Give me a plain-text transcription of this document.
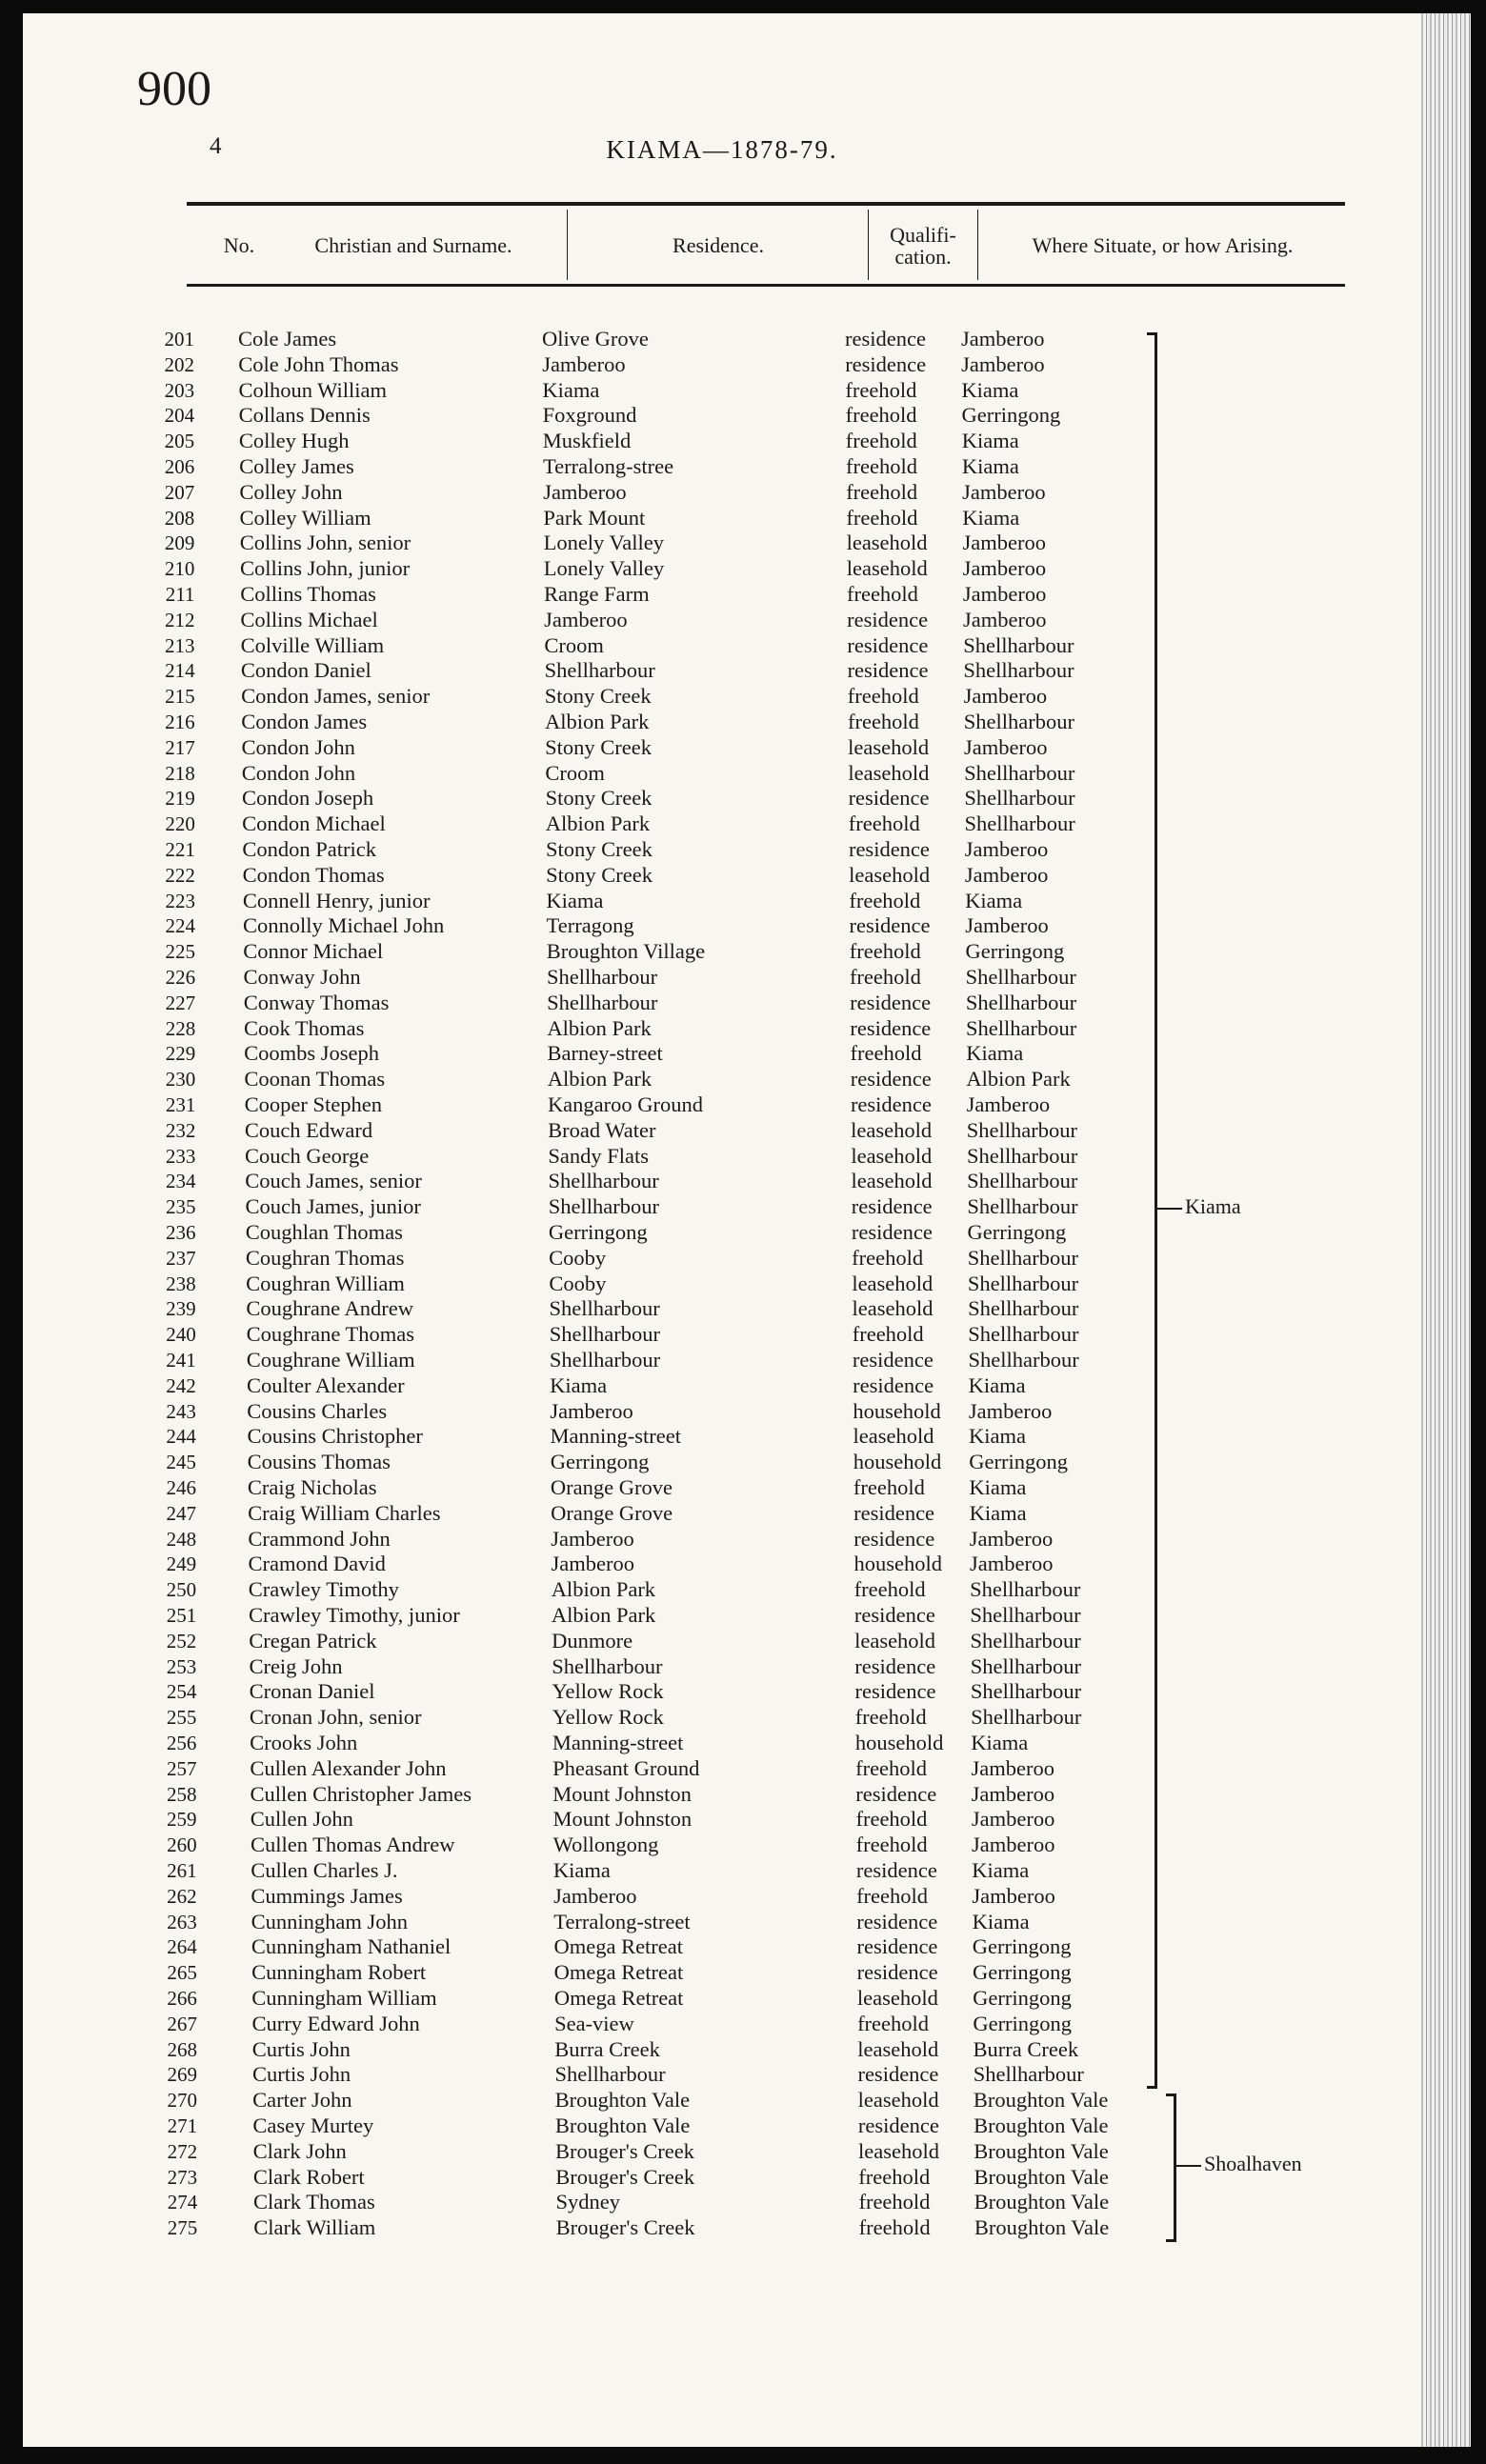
900
4	KIAMA—1878-79.
No.	Christian and Surname.	Residence.	Qualifi- cation.	Where Situate, or how Arising.
201 Cole James	Olive Grove	residence Jamberoo
202 Cole John Thomas	Jamberoo	residence Jamberoo
203 Colhoun William	Kiama	freehold Kiama
204 Collans Dennis	Foxground	freehold Gerringong
205 Colley Hugh	Muskfield	freehold Kiama
206 Colley James	Terralong-stree	freehold Kiama
207 Colley John	Jamberoo	freehold Jamberoo
208 Colley William	Park Mount	freehold Kiama
209 Collins John, senior	Lonely Valley	leasehold Jamberoo
210 Collins John, junior	Lonely Valley	leasehold Jamberoo
211 Collins Thomas	Range Farm	freehold Jamberoo
212 Collins Michael	Jamberoo	residence Jamberoo
213 Colville William	Croom	residence Shellharbour
214 Condon Daniel	Shellharbour	residence Shellharbour
215 Condon James, senior	Stony Creek	freehold Jamberoo
216 Condon James	Albion Park	freehold Shellharbour
217 Condon John	Stony Creek	leasehold Jamberoo
218 Condon John	Croom	leasehold Shellharbour
219 Condon Joseph	Stony Creek	residence Shellharbour
220 Condon Michael	Albion Park	freehold Shellharbour
221 Condon Patrick	Stony Creek	residence Jamberoo
222 Condon Thomas	Stony Creek	leasehold Jamberoo
223 Connell Henry, junior	Kiama	freehold Kiama
224 Connolly Michael John	Terragong	residence Jamberoo
225 Connor Michael	Broughton Village	freehold Gerringong
226 Conway John	Shellharbour	freehold Shellharbour
227 Conway Thomas	Shellharbour	residence Shellharbour
228 Cook Thomas	Albion Park	residence Shellharbour
229 Coombs Joseph	Barney-street	freehold Kiama
230 Coonan Thomas	Albion Park	residence Albion Park
231 Cooper Stephen	Kangaroo Ground	residence Jamberoo
232 Couch Edward	Broad Water	leasehold Shellharbour
233 Couch George	Sandy Flats	leasehold Shellharbour
234 Couch James, senior	Shellharbour	leasehold Shellharbour
235 Couch James, junior	Shellharbour	residence Shellharbour
236 Coughlan Thomas	Gerringong	residence Gerringong
237 Coughran Thomas	Cooby	freehold Shellharbour
238 Coughran William	Cooby	leasehold Shellharbour
239 Coughrane Andrew	Shellharbour	leasehold Shellharbour
240 Coughrane Thomas	Shellharbour	freehold Shellharbour
241 Coughrane William	Shellharbour	residence Shellharbour
242 Coulter Alexander	Kiama	residence Kiama
243 Cousins Charles	Jamberoo	household Jamberoo
244 Cousins Christopher	Manning-street	leasehold Kiama
245 Cousins Thomas	Gerringong	household Gerringong
246 Craig Nicholas	Orange Grove	freehold Kiama
247 Craig William Charles	Orange Grove	residence Kiama
248 Crammond John	Jamberoo	residence Jamberoo
249 Cramond David	Jamberoo	household Jamberoo
250 Crawley Timothy	Albion Park	freehold Shellharbour
251 Crawley Timothy, junior	Albion Park	residence Shellharbour
252 Cregan Patrick	Dunmore	leasehold Shellharbour
253 Creig John	Shellharbour	residence Shellharbour
254 Cronan Daniel	Yellow Rock	residence Shellharbour
255 Cronan John, senior	Yellow Rock	freehold Shellharbour
256 Crooks John	Manning-street	household Kiama
257 Cullen Alexander John	Pheasant Ground	freehold Jamberoo
258 Cullen Christopher James	Mount Johnston	residence Jamberoo
259 Cullen John	Mount Johnston	freehold Jamberoo
260	Cullen Thomas Andrew	Wollongong	freehold Jamberoo
261	Cullen Charles J.	Kiama	residence Kiama
262	Cummings James	Jamberoo	freehold Jamberoo
263	Cunningham John	Terralong-street	residence Kiama
264	Cunningham Nathaniel	Omega Retreat	residence Gerringong
265	Cunningham Robert	Omega Retreat	residence Gerringong
266	Cunningham William	Omega Retreat	leasehold Gerringong
267	Curry Edward John	Sea-view	freehold Gerringong
268	Curtis John	Burra Creek	leasehold Burra Creek
269	Curtis John	Shellharbour	residence Shellharbour
270	Carter John	Broughton Vale	leasehold Broughton Vale
271	Casey Murtey	Broughton Vale	residence Broughton Vale
272	Clark John	Brouger's Creek	leasehold Broughton Vale
273	Clark Robert	Brouger's Creek	freehold Broughton Vale
274	Clark Thomas	Sydney	freehold Broughton Vale
275	Clark William	Brouger's Creek	freehold Broughton Vale
Kiama
Shoalhaven
